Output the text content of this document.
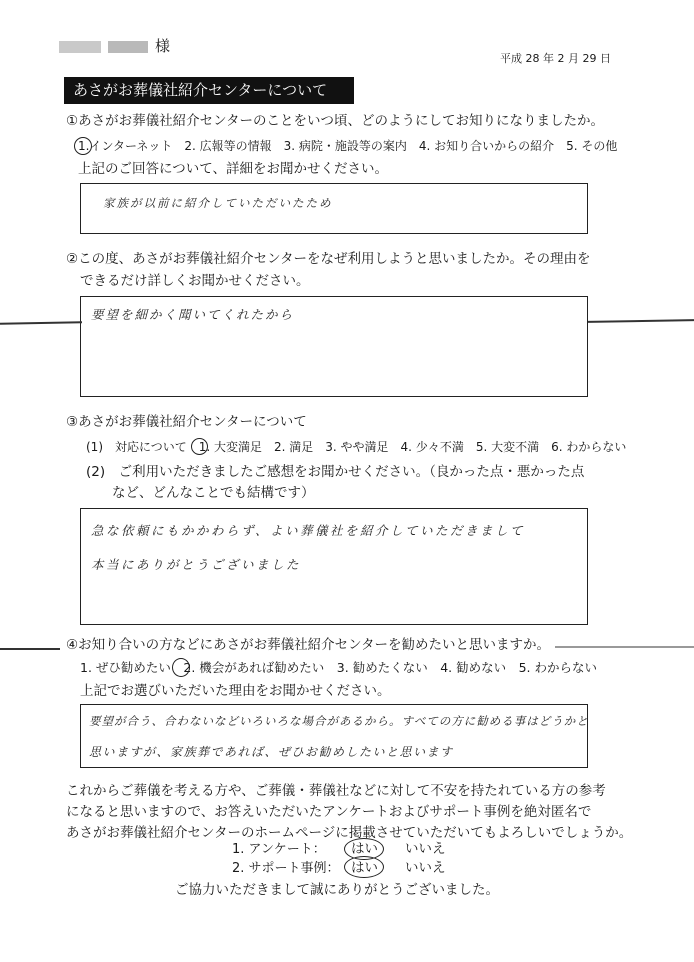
様
平成 28 年 2 月 29 日
あさがお葬儀社紹介センターについて
①あさがお葬儀社紹介センターのことをいつ頃、どのようにしてお知りになりましたか。
1.インターネット　2. 広報等の情報　3. 病院・施設等の案内　4. お知り合いからの紹介　5. その他
上記のご回答について、詳細をお聞かせください。
家族が以前に紹介していただいたため
②この度、あさがお葬儀社紹介センターをなぜ利用しようと思いましたか。その理由を
できるだけ詳しくお聞かせください。
要望を細かく聞いてくれたから
③あさがお葬儀社紹介センターについて
(1)　対応について　1. 大変満足　2. 満足　3. やや満足　4. 少々不満　5. 大変不満　6. わからない
(2)　ご利用いただきましたご感想をお聞かせください。（良かった点・悪かった点
など、どんなことでも結構です）
急な依頼にもかかわらず、よい葬儀社を紹介していただきまして
本当にありがとうございました
④お知り合いの方などにあさがお葬儀社紹介センターを勧めたいと思いますか。
1. ぜひ勧めたい　2. 機会があれば勧めたい　3. 勧めたくない　4. 勧めない　5. わからない
上記でお選びいただいた理由をお聞かせください。
要望が合う、合わないなどいろいろな場合があるから。すべての方に勧める事はどうかと
思いますが、家族葬であれば、ぜひお勧めしたいと思います
これからご葬儀を考える方や、ご葬儀・葬儀社などに対して不安を持たれている方の参考
になると思いますので、お答えいただいたアンケートおよびサポート事例を絶対匿名で
あさがお葬儀社紹介センターのホームページに掲載させていただいてもよろしいでしょうか。
1. アンケート： はい いいえ
2. サポート事例： はい いいえ
ご協力いただきまして誠にありがとうございました。
